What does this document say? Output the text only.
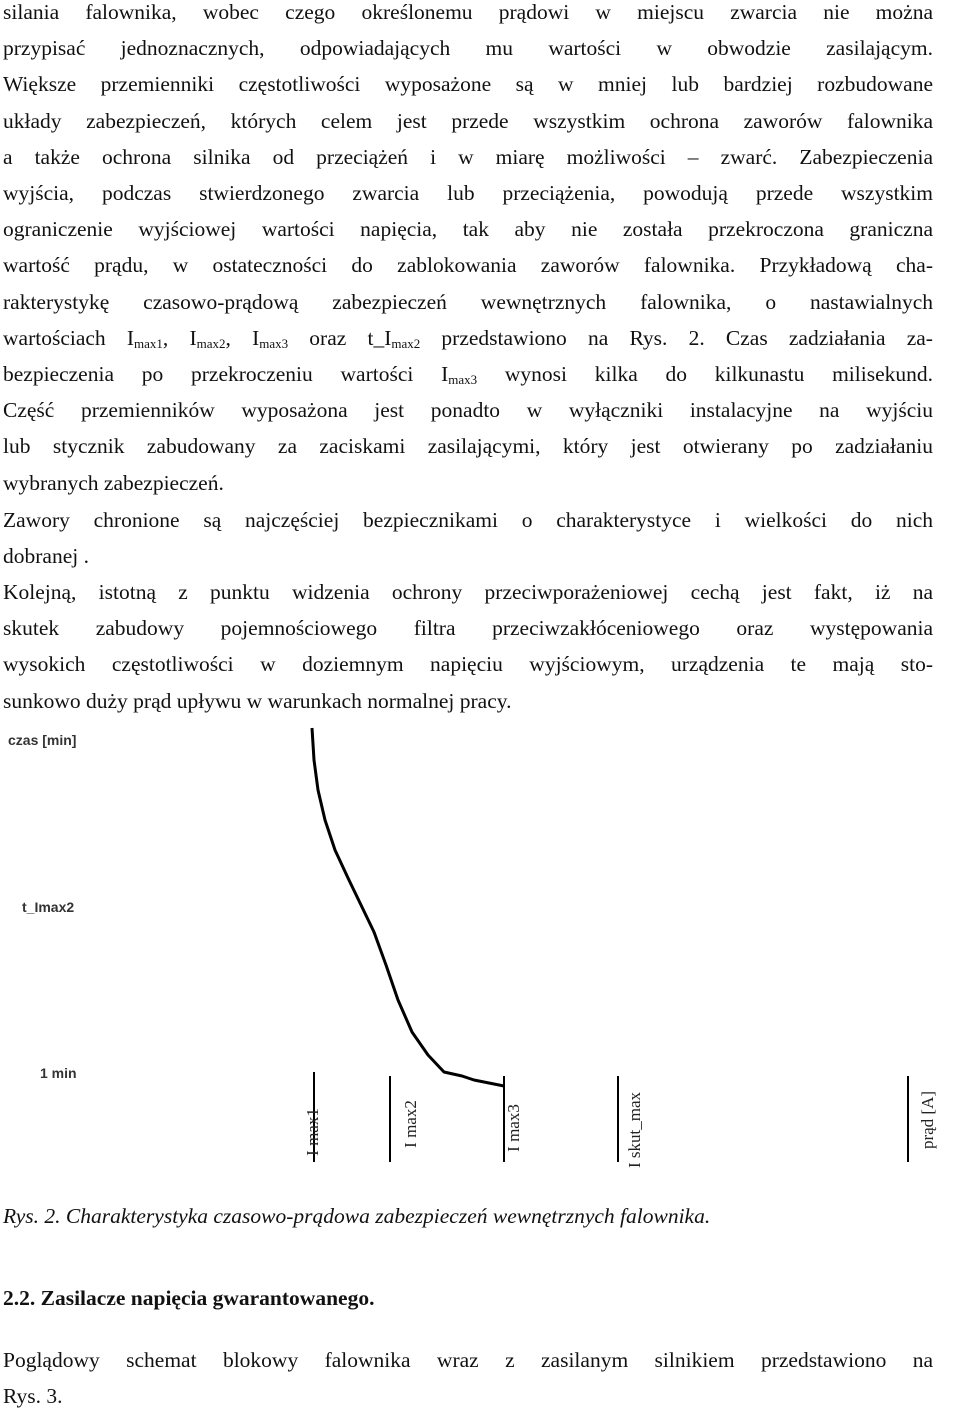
silania falownika, wobec czego określonemu prądowi w miejscu zwarcia nie można
przypisać jednoznacznych, odpowiadających mu wartości w obwodzie zasilającym.
Większe przemienniki częstotliwości wyposażone są w mniej lub bardziej rozbudowane
układy zabezpieczeń, których celem jest przede wszystkim ochrona zaworów falownika
a także ochrona silnika od przeciążeń i w miarę możliwości – zwarć. Zabezpieczenia
wyjścia, podczas stwierdzonego zwarcia lub przeciążenia, powodują przede wszystkim
ograniczenie wyjściowej wartości napięcia, tak aby nie została przekroczona graniczna
wartość prądu, w ostateczności do zablokowania zaworów falownika. Przykładową cha-
rakterystykę czasowo-prądową zabezpieczeń wewnętrznych falownika, o nastawialnych
wartościach $I_{max1}$, $I_{max2}$, $I_{max3}$ oraz $t\_I_{max2}$ przedstawiono na Rys. 2. Czas zadziałania za-
bezpieczenia po przekroczeniu wartości $I_{max3}$ wynosi kilka do kilkunastu milisekund.
Część przemienników wyposażona jest ponadto w wyłączniki instalacyjne na wyjściu
lub stycznik zabudowany za zaciskami zasilającymi, który jest otwierany po zadziałaniu
wybranych zabezpieczeń.
Zawory chronione są najczęściej bezpiecznikami o charakterystyce i wielkości do nich
dobranej .
Kolejną, istotną z punktu widzenia ochrony przeciwporażeniowej cechą jest fakt, iż na
skutek zabudowy pojemnościowego filtra przeciwzakłóceniowego oraz występowania
wysokich częstotliwości w doziemnym napięciu wyjściowym, urządzenia te mają sto-
sunkowo duży prąd upływu w warunkach normalnej pracy.
czas [min]
t_Imax2
1 min
I max1	I max2	I max3	I skut_max	prąd [A]
Rys. 2. Charakterystyka czasowo-prądowa zabezpieczeń wewnętrznych falownika.
2.2. Zasilacze napięcia gwarantowanego.
Poglądowy schemat blokowy falownika wraz z zasilanym silnikiem przedstawiono na
Rys. 3.
